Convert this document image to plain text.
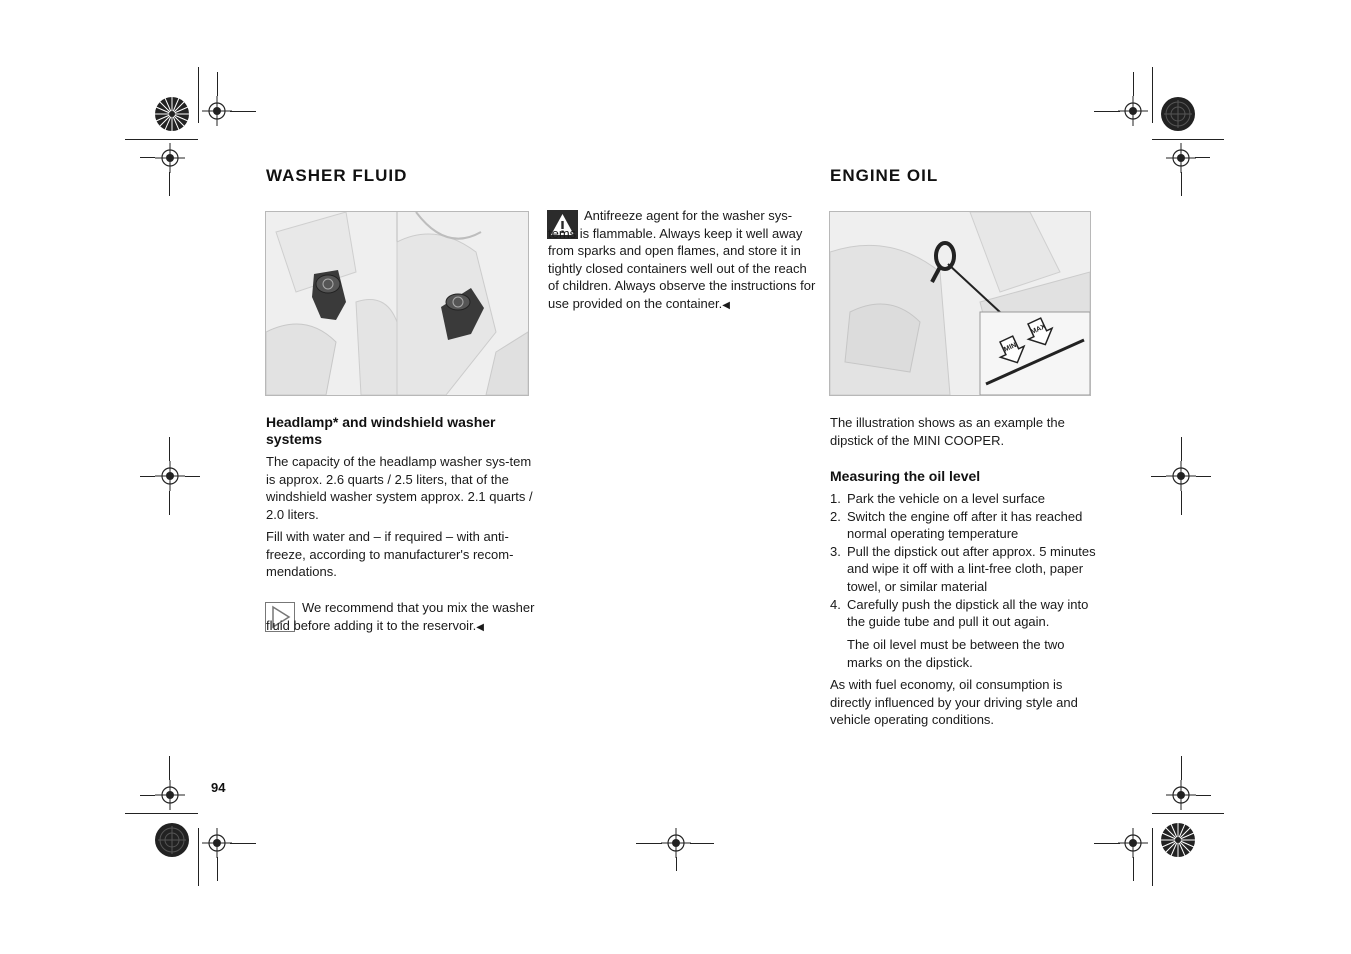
WASHER FLUID

Headlamp* and windshield washer systems

The capacity of the headlamp washer sys-tem is approx. 2.6 quarts / 2.5 liters, that of the windshield washer system approx. 2.1 quarts / 2.0 liters.

Fill with water and – if required – with anti-freeze, according to manufacturer's recom-mendations.

We recommend that you mix the washer fluid before adding it to the reservoir.◀

Antifreeze agent for the washer sys-tems is flammable. Always keep it well away from sparks and open flames, and store it in tightly closed containers well out of the reach of children. Always observe the instructions for use provided on the container.◀

ENGINE OIL
MIN
MAX

The illustration shows as an example the dipstick of the MINI COOPER.

Measuring the oil level
1. Park the vehicle on a level surface
2. Switch the engine off after it has reached normal operating temperature
3. Pull the dipstick out after approx. 5 minutes and wipe it off with a lint-free cloth, paper towel, or similar material
4. Carefully push the dipstick all the way into the guide tube and pull it out again.

The oil level must be between the two marks on the dipstick.

As with fuel economy, oil consumption is directly influenced by your driving style and vehicle operating conditions.

94
